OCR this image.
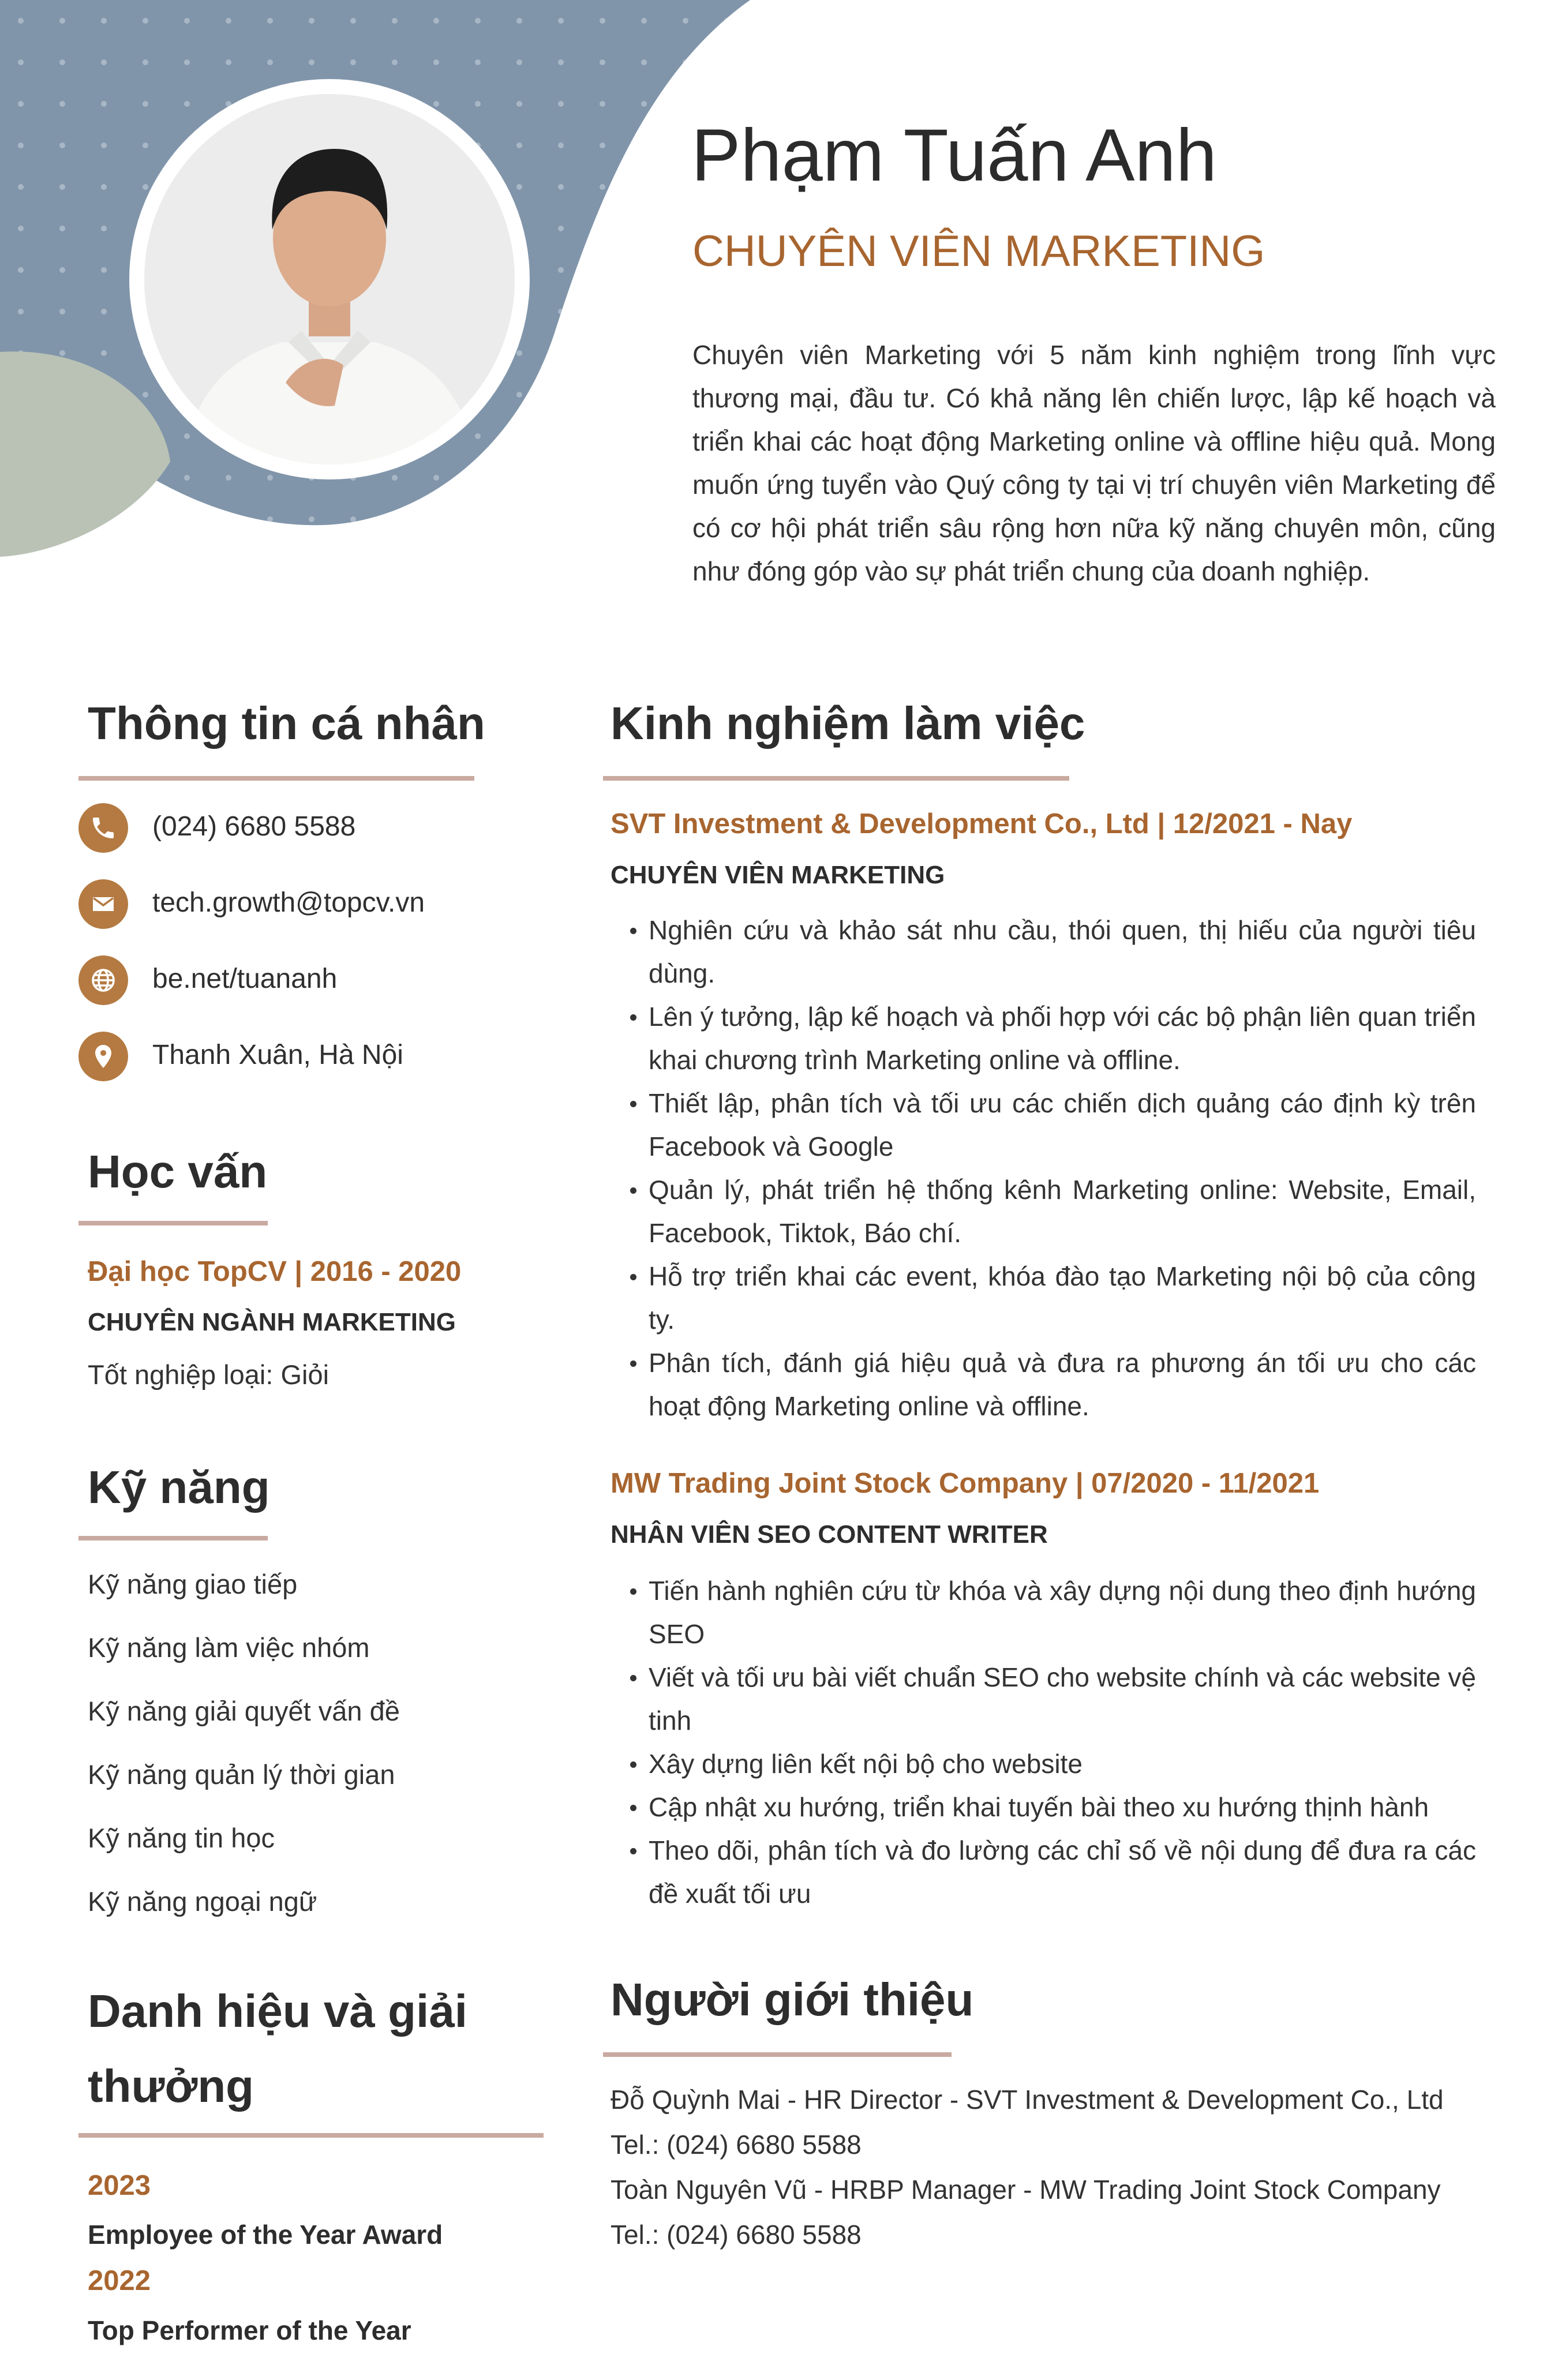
Phạm Tuấn Anh
CHUYÊN VIÊN MARKETING
Chuyên viên Marketing với 5 năm kinh nghiệm trong lĩnh vực thương mại, đầu tư. Có khả năng lên chiến lược, lập kế hoạch và triển khai các hoạt động Marketing online và offline hiệu quả. Mong muốn ứng tuyển vào Quý công ty tại vị trí chuyên viên Marketing để có cơ hội phát triển sâu rộng hơn nữa kỹ năng chuyên môn, cũng như đóng góp vào sự phát triển chung của doanh nghiệp.
Thông tin cá nhân
(024) 6680 5588
tech.growth@topcv.vn
be.net/tuananh
Thanh Xuân, Hà Nội
Học vấn
Đại học TopCV | 2016 - 2020
CHUYÊN NGÀNH MARKETING
Tốt nghiệp loại: Giỏi
Kỹ năng
Kỹ năng giao tiếp
Kỹ năng làm việc nhóm
Kỹ năng giải quyết vấn đề
Kỹ năng quản lý thời gian
Kỹ năng tin học
Kỹ năng ngoại ngữ
Danh hiệu và giải
thưởng
2023
Employee of the Year Award
2022
Top Performer of the Year
Kinh nghiệm làm việc
SVT Investment & Development Co., Ltd | 12/2021 - Nay
CHUYÊN VIÊN MARKETING
Nghiên cứu và khảo sát nhu cầu, thói quen, thị hiếu của người tiêu dùng.
Lên ý tưởng, lập kế hoạch và phối hợp với các bộ phận liên quan triển khai chương trình Marketing online và offline.
Thiết lập, phân tích và tối ưu các chiến dịch quảng cáo định kỳ trên Facebook và Google
Quản lý, phát triển hệ thống kênh Marketing online: Website, Email, Facebook, Tiktok, Báo chí.
Hỗ trợ triển khai các event, khóa đào tạo Marketing nội bộ của công ty.
Phân tích, đánh giá hiệu quả và đưa ra phương án tối ưu cho các hoạt động Marketing online và offline.
MW Trading Joint Stock Company | 07/2020 - 11/2021
NHÂN VIÊN SEO CONTENT WRITER
Tiến hành nghiên cứu từ khóa và xây dựng nội dung theo định hướng SEO
Viết và tối ưu bài viết chuẩn SEO cho website chính và các website vệ tinh
Xây dựng liên kết nội bộ cho website
Cập nhật xu hướng, triển khai tuyến bài theo xu hướng thịnh hành
Theo dõi, phân tích và đo lường các chỉ số về nội dung để đưa ra các đề xuất tối ưu
Người giới thiệu
Đỗ Quỳnh Mai - HR Director - SVT Investment & Development Co., Ltd
Tel.: (024) 6680 5588
Toàn Nguyên Vũ - HRBP Manager - MW Trading Joint Stock Company
Tel.: (024) 6680 5588
